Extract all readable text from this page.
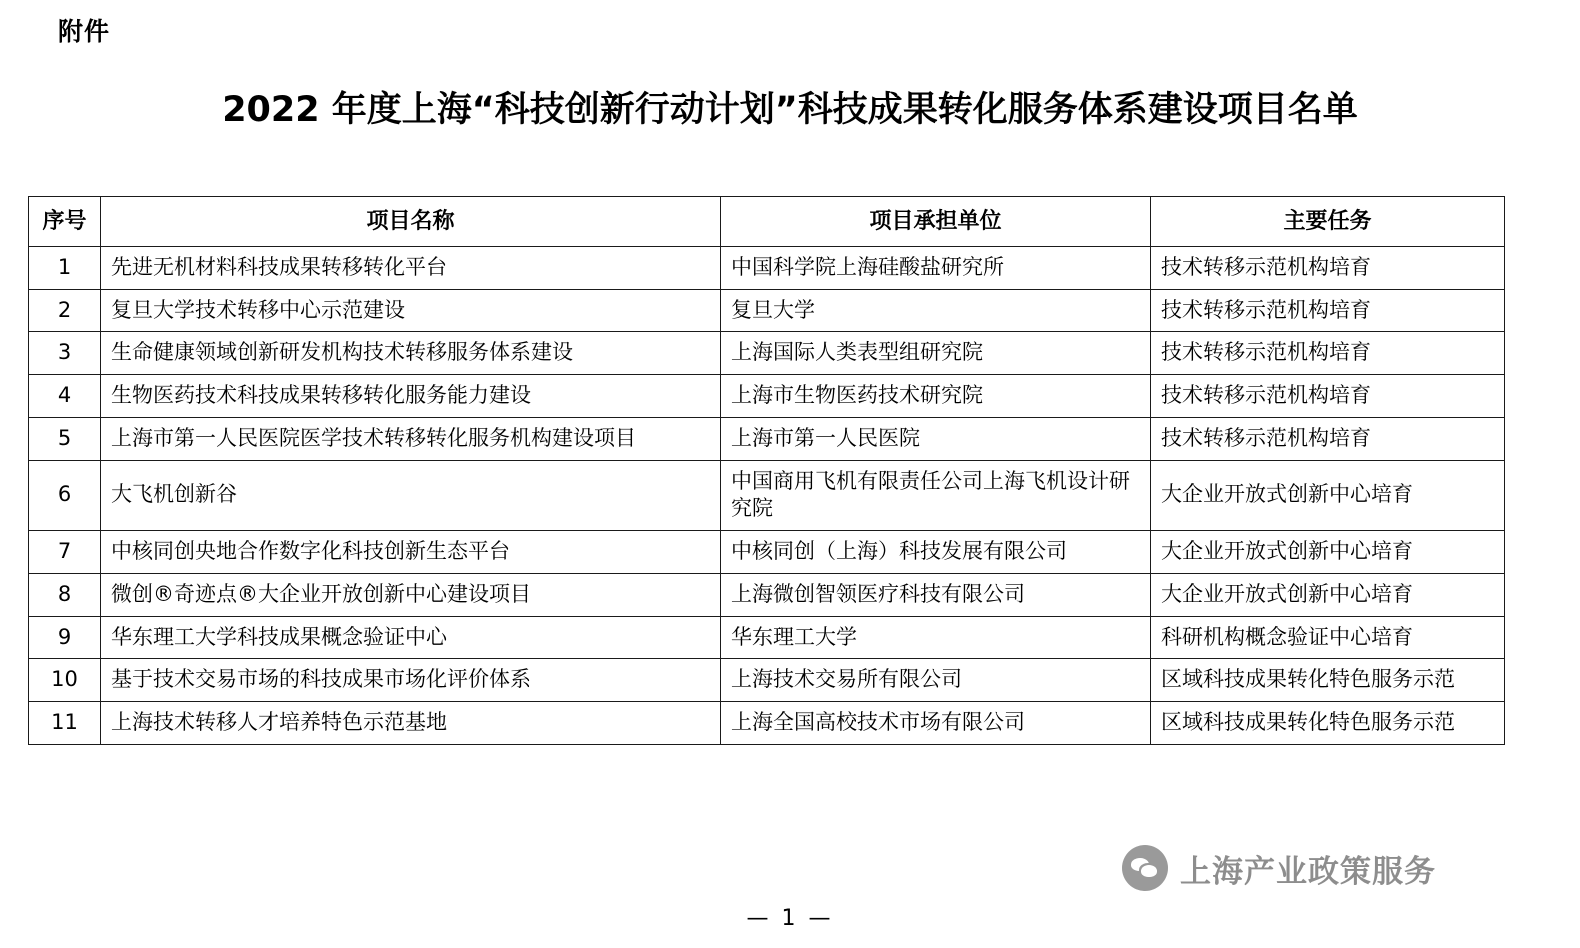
附件
2022 年度上海“科技创新行动计划”科技成果转化服务体系建设项目名单
序号	项目名称	项目承担单位	主要任务
1	先进无机材料科技成果转移转化平台	中国科学院上海硅酸盐研究所	技术转移示范机构培育
2	复旦大学技术转移中心示范建设	复旦大学	技术转移示范机构培育
3	生命健康领域创新研发机构技术转移服务体系建设	上海国际人类表型组研究院	技术转移示范机构培育
4	生物医药技术科技成果转移转化服务能力建设	上海市生物医药技术研究院	技术转移示范机构培育
5	上海市第一人民医院医学技术转移转化服务机构建设项目	上海市第一人民医院	技术转移示范机构培育
6	大飞机创新谷	中国商用飞机有限责任公司上海飞机设计研究院	大企业开放式创新中心培育
7	中核同创央地合作数字化科技创新生态平台	中核同创（上海）科技发展有限公司	大企业开放式创新中心培育
8	微创®奇迹点®大企业开放创新中心建设项目	上海微创智领医疗科技有限公司	大企业开放式创新中心培育
9	华东理工大学科技成果概念验证中心	华东理工大学	科研机构概念验证中心培育
10	基于技术交易市场的科技成果市场化评价体系	上海技术交易所有限公司	区域科技成果转化特色服务示范
11	上海技术转移人才培养特色示范基地	上海全国高校技术市场有限公司	区域科技成果转化特色服务示范
上海产业政策服务
— 1 —
